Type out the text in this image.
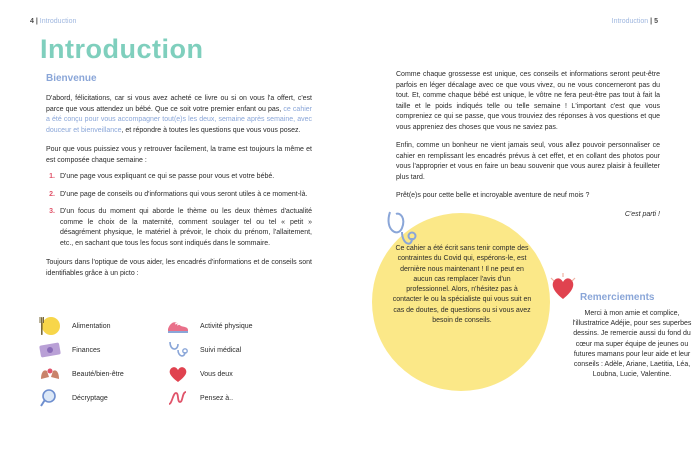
4 | Introduction
Introduction
Bienvenue

D'abord, félicitations, car si vous avez acheté ce livre ou si on vous l'a offert, c'est parce que vous attendez un bébé. Que ce soit votre premier enfant ou pas, ce cahier a été conçu pour vous accompagner tout(e)s les deux, semaine après semaine, avec douceur et bienveillance, et répondre à toutes les questions que vous vous posez.

Pour que vous puissiez vous y retrouver facilement, la trame est toujours la même et est composée chaque semaine :

1. D'une page vous expliquant ce qui se passe pour vous et votre bébé.
2. D'une page de conseils ou d'informations qui vous seront utiles à ce moment-là.
3. D'un focus du moment qui aborde le thème ou les deux thèmes d'actualité comme le choix de la maternité, comment soulager tel ou tel « petit » désagrément physique, le matériel à prévoir, le choix du prénom, l'allaitement, etc., en sachant que tous les focus sont indiqués dans le sommaire.

Toujours dans l'optique de vous aider, les encadrés d'informations et de conseils sont identifiables grâce à un picto :

Alimentation	Activité physique
Finances	Suivi médical
Beauté/bien-être	Vous deux
Décryptage	Pensez à..
Introduction | 5

Comme chaque grossesse est unique, ces conseils et informations seront peut-être parfois en léger décalage avec ce que vous vivez, ou ne vous concerneront pas du tout. Et, comme chaque bébé est unique, le vôtre ne fera peut-être pas tout à fait la taille et le poids indiqués telle ou telle semaine ! L'important c'est que vous compreniez ce qui se passe, que vous trouviez des réponses à vos questions et que vous appreniez des choses que vous ne saviez pas.

Enfin, comme un bonheur ne vient jamais seul, vous allez pouvoir personnaliser ce cahier en remplissant les encadrés prévus à cet effet, et en collant des photos pour vous l'approprier et vous en faire un beau souvenir que vous aurez plaisir à feuilleter plus tard.

Prêt(e)s pour cette belle et incroyable aventure de neuf mois ?

C'est parti !

Ce cahier a été écrit sans tenir compte des contraintes du Covid qui, espérons-le, est dernière nous maintenant ! Il ne peut en aucun cas remplacer l'avis d'un professionnel. Alors, n'hésitez pas à contacter le ou la spécialiste qui vous suit en cas de doutes, de questions ou si vous avez besoin de conseils.
Remerciements
Merci à mon amie et complice, l'illustratrice Adéjie, pour ses superbes dessins. Je remercie aussi du fond du cœur ma super équipe de jeunes ou futures mamans pour leur aide et leur conseils : Adèle, Ariane, Laetitia, Léa, Loubna, Lucie, Valentine.
